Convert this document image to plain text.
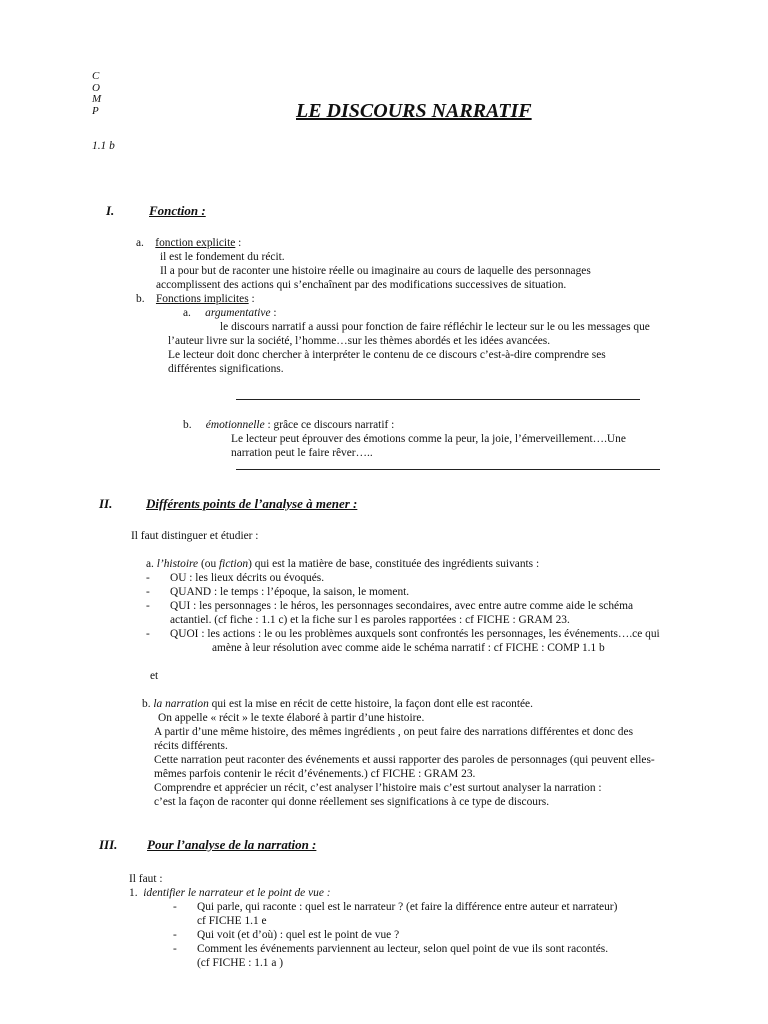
C
O
M
P
1.1 b
LE DISCOURS NARRATIF
I.	Fonction :
a. fonction explicite :
il est le fondement du récit.
Il a pour but de raconter une histoire réelle ou imaginaire au cours de laquelle des personnages
accomplissent des actions qui s’enchaînent par des modifications successives de situation.
b. Fonctions implicites :
a. argumentative :
le discours narratif a aussi pour fonction de faire réfléchir le lecteur sur le ou les messages que
l’auteur livre sur la société, l’homme…sur les thèmes abordés et les idées avancées.
Le lecteur doit donc chercher à interpréter le contenu de ce discours c’est-à-dire comprendre ses
différentes significations.
b. émotionnelle : grâce ce discours narratif :
Le lecteur peut éprouver des émotions comme la peur, la joie, l’émerveillement….Une
narration peut le faire rêver…..
II.	Différents points de l’analyse à mener :
Il faut distinguer et étudier :
a. l’histoire (ou fiction) qui est la matière de base, constituée des ingrédients suivants :
- OU : les lieux décrits ou évoqués.
- QUAND : le temps : l’époque, la saison, le moment.
- QUI : les personnages : le héros, les personnages secondaires, avec entre autre comme aide le schéma
actantiel. (cf fiche : 1.1 c) et la fiche sur l es paroles rapportées : cf FICHE : GRAM 23.
- QUOI : les actions : le ou les problèmes auxquels sont confrontés les personnages, les événements….ce qui
amène à leur résolution avec comme aide le schéma narratif : cf FICHE : COMP 1.1 b
et
b. la narration qui est la mise en récit de cette histoire, la façon dont elle est racontée.
On appelle « récit » le texte élaboré à partir d’une histoire.
A partir d’une même histoire, des mêmes ingrédients , on peut faire des narrations différentes et donc des
récits différents.
Cette narration peut raconter des événements et aussi rapporter des paroles de personnages (qui peuvent elles-
mêmes parfois contenir le récit d’événements.) cf FICHE : GRAM 23.
Comprendre et apprécier un récit, c’est analyser l’histoire mais c’est surtout analyser la narration :
c’est la façon de raconter qui donne réellement ses significations à ce type de discours.
III. Pour l’analyse de la narration :
Il faut :
1. identifier le narrateur et le point de vue :
- Qui parle, qui raconte : quel est le narrateur ? (et faire la différence entre auteur et narrateur)
cf FICHE 1.1 e
- Qui voit (et d’où) : quel est le point de vue ?
- Comment les événements parviennent au lecteur, selon quel point de vue ils sont racontés.
(cf FICHE : 1.1 a )
